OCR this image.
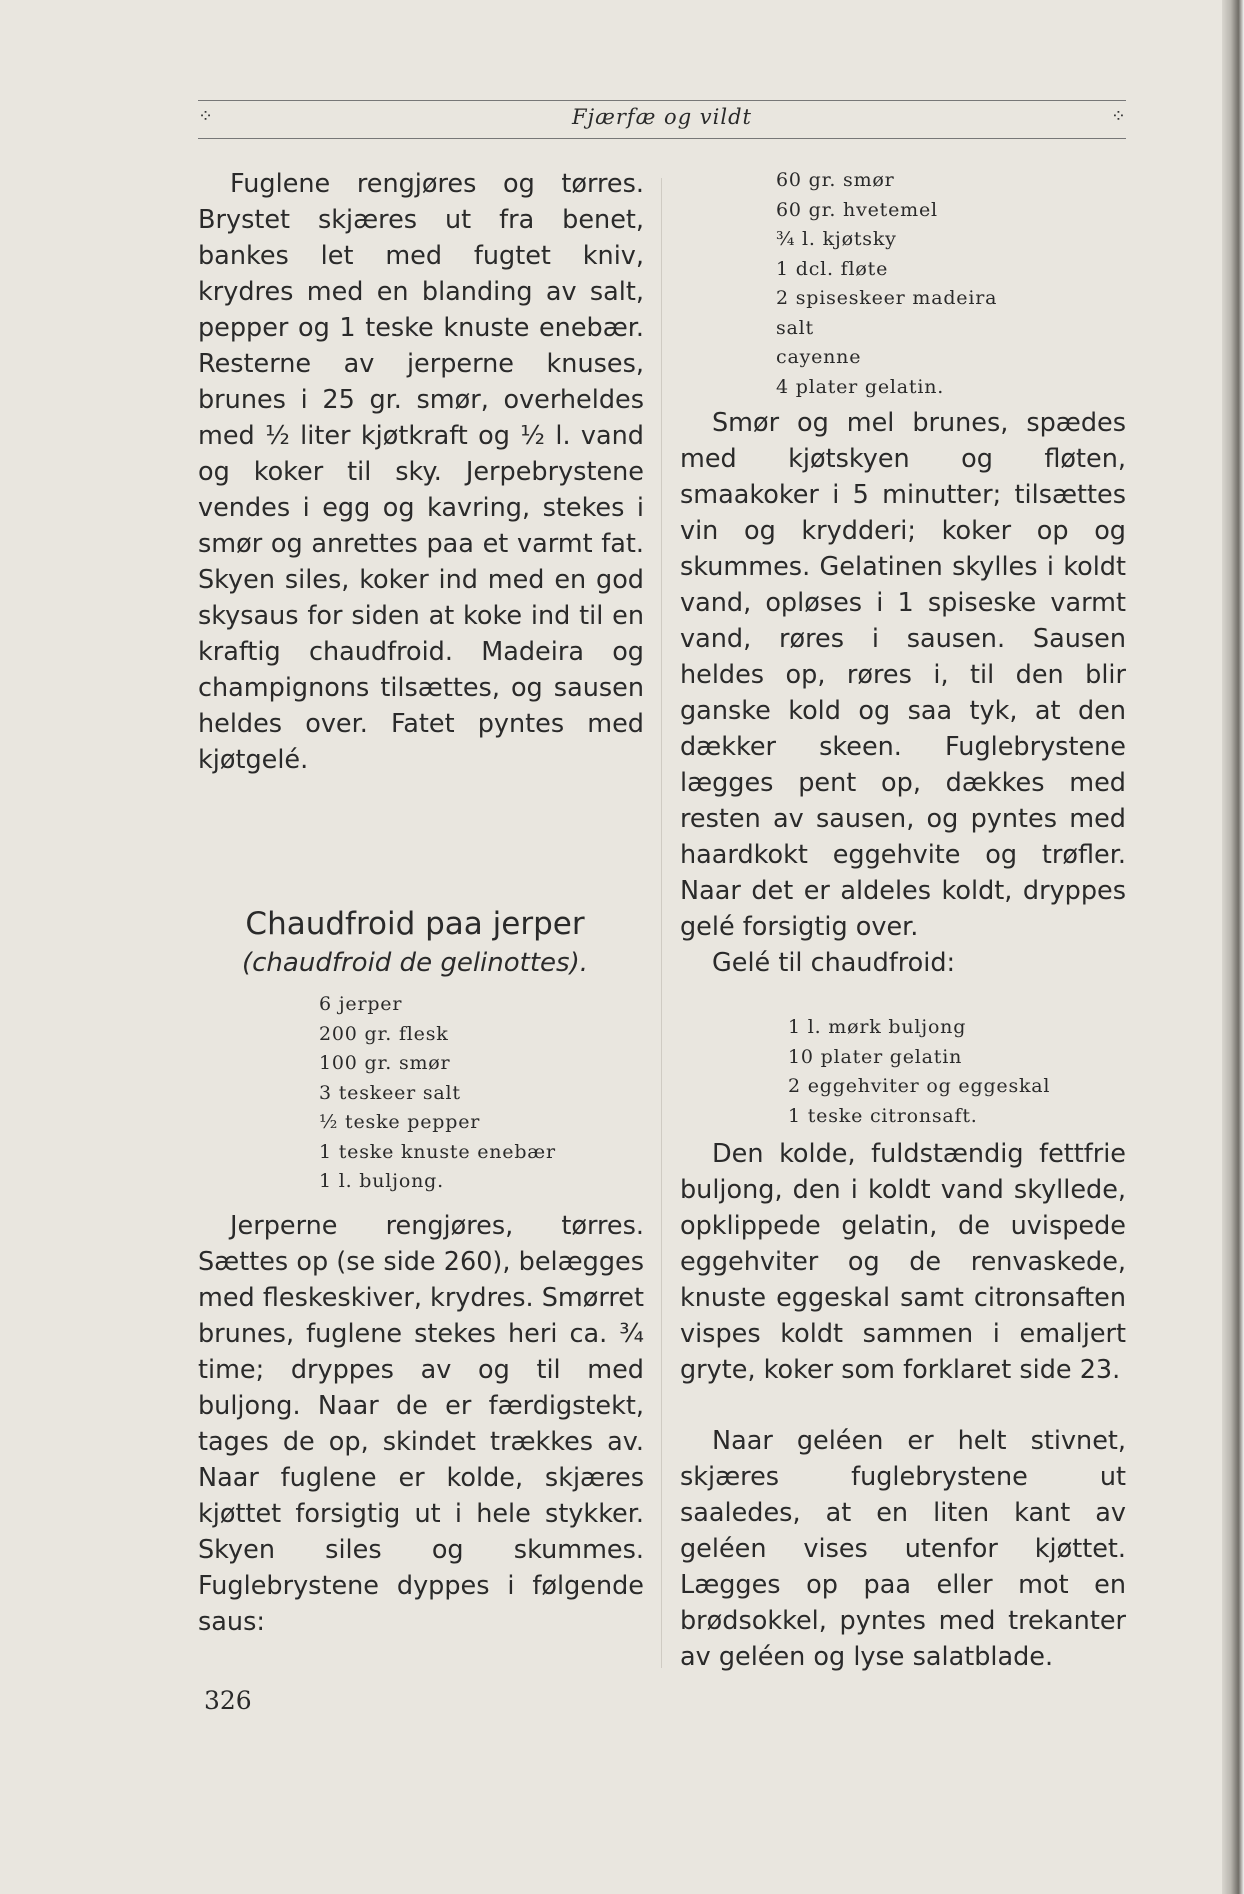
⁘	Fjærfæ og vildt	⁘

Fuglene rengjøres og tørres. Brystet skjæres ut fra benet, bankes let med fugtet kniv, krydres med en blanding av salt, pepper og 1 teske knuste enebær. Resterne av jerperne knuses, brunes i 25 gr. smør, overheldes med ½ liter kjøtkraft og ½ l. vand og koker til sky. Jerpebrystene vendes i egg og kavring, stekes i smør og anrettes paa et varmt fat. Skyen siles, koker ind med en god skysaus for siden at koke ind til en kraftig chaudfroid. Madeira og champignons tilsættes, og sausen heldes over. Fatet pyntes med kjøtgelé.

Chaudfroid paa jerper
(chaudfroid de gelinottes).
6 jerper
200 gr. flesk
100 gr. smør
3 teskeer salt
½ teske pepper
1 teske knuste enebær
1 l. buljong.

Jerperne rengjøres, tørres. Sættes op (se side 260), belægges med fleskeskiver, krydres. Smørret brunes, fuglene stekes heri ca. ¾ time; dryppes av og til med buljong. Naar de er færdigstekt, tages de op, skindet trækkes av. Naar fuglene er kolde, skjæres kjøttet forsigtig ut i hele stykker. Skyen siles og skummes. Fuglebrystene dyppes i følgende saus:

326
60 gr. smør
60 gr. hvetemel
¾ l. kjøtsky
1 dcl. fløte
2 spiseskeer madeira
salt
cayenne
4 plater gelatin.

Smør og mel brunes, spædes med kjøtskyen og fløten, smaakoker i 5 minutter; tilsættes vin og krydderi; koker op og skummes. Gelatinen skylles i koldt vand, opløses i 1 spiseske varmt vand, røres i sausen. Sausen heldes op, røres i, til den blir ganske kold og saa tyk, at den dækker skeen. Fuglebrystene lægges pent op, dækkes med resten av sausen, og pyntes med haardkokt eggehvite og trøfler. Naar det er aldeles koldt, dryppes gelé forsigtig over.

Gelé til chaudfroid:

1 l. mørk buljong
10 plater gelatin
2 eggehviter og eggeskal
1 teske citronsaft.

Den kolde, fuldstændig fettfrie buljong, den i koldt vand skyllede, opklippede gelatin, de uvispede eggehviter og de renvaskede, knuste eggeskal samt citronsaften vispes koldt sammen i emaljert gryte, koker som forklaret side 23.

Naar geléen er helt stivnet, skjæres fuglebrystene ut saaledes, at en liten kant av geléen vises utenfor kjøttet. Lægges op paa eller mot en brødsokkel, pyntes med trekanter av geléen og lyse salatblade.
